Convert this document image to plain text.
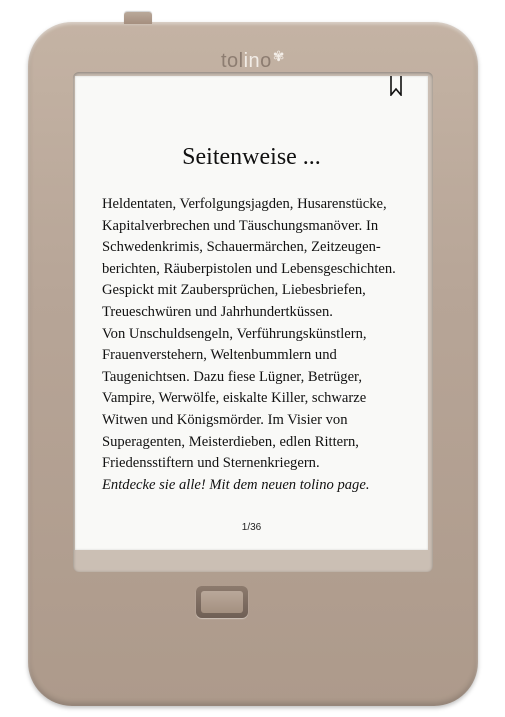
tolino✾
Seitenweise ...
Heldentaten, Verfolgungsjagden, Husarenstücke,
Kapitalverbrechen und Täuschungsmanöver. In
Schwedenkrimis, Schauermärchen, Zeitzeugen-
berichten, Räuberpistolen und Lebensgeschichten.
Gespickt mit Zaubersprüchen, Liebesbriefen,
Treueschwüren und Jahrhundertküssen.
Von Unschuldsengeln, Verführungskünstlern,
Frauenverstehern, Weltenbummlern und
Taugenichtsen. Dazu fiese Lügner, Betrüger,
Vampire, Werwölfe, eiskalte Killer, schwarze
Witwen und Königsmörder. Im Visier von
Superagenten, Meisterdieben, edlen Rittern,
Friedensstiftern und Sternenkriegern.
Entdecke sie alle! Mit dem neuen tolino page.
1/36
